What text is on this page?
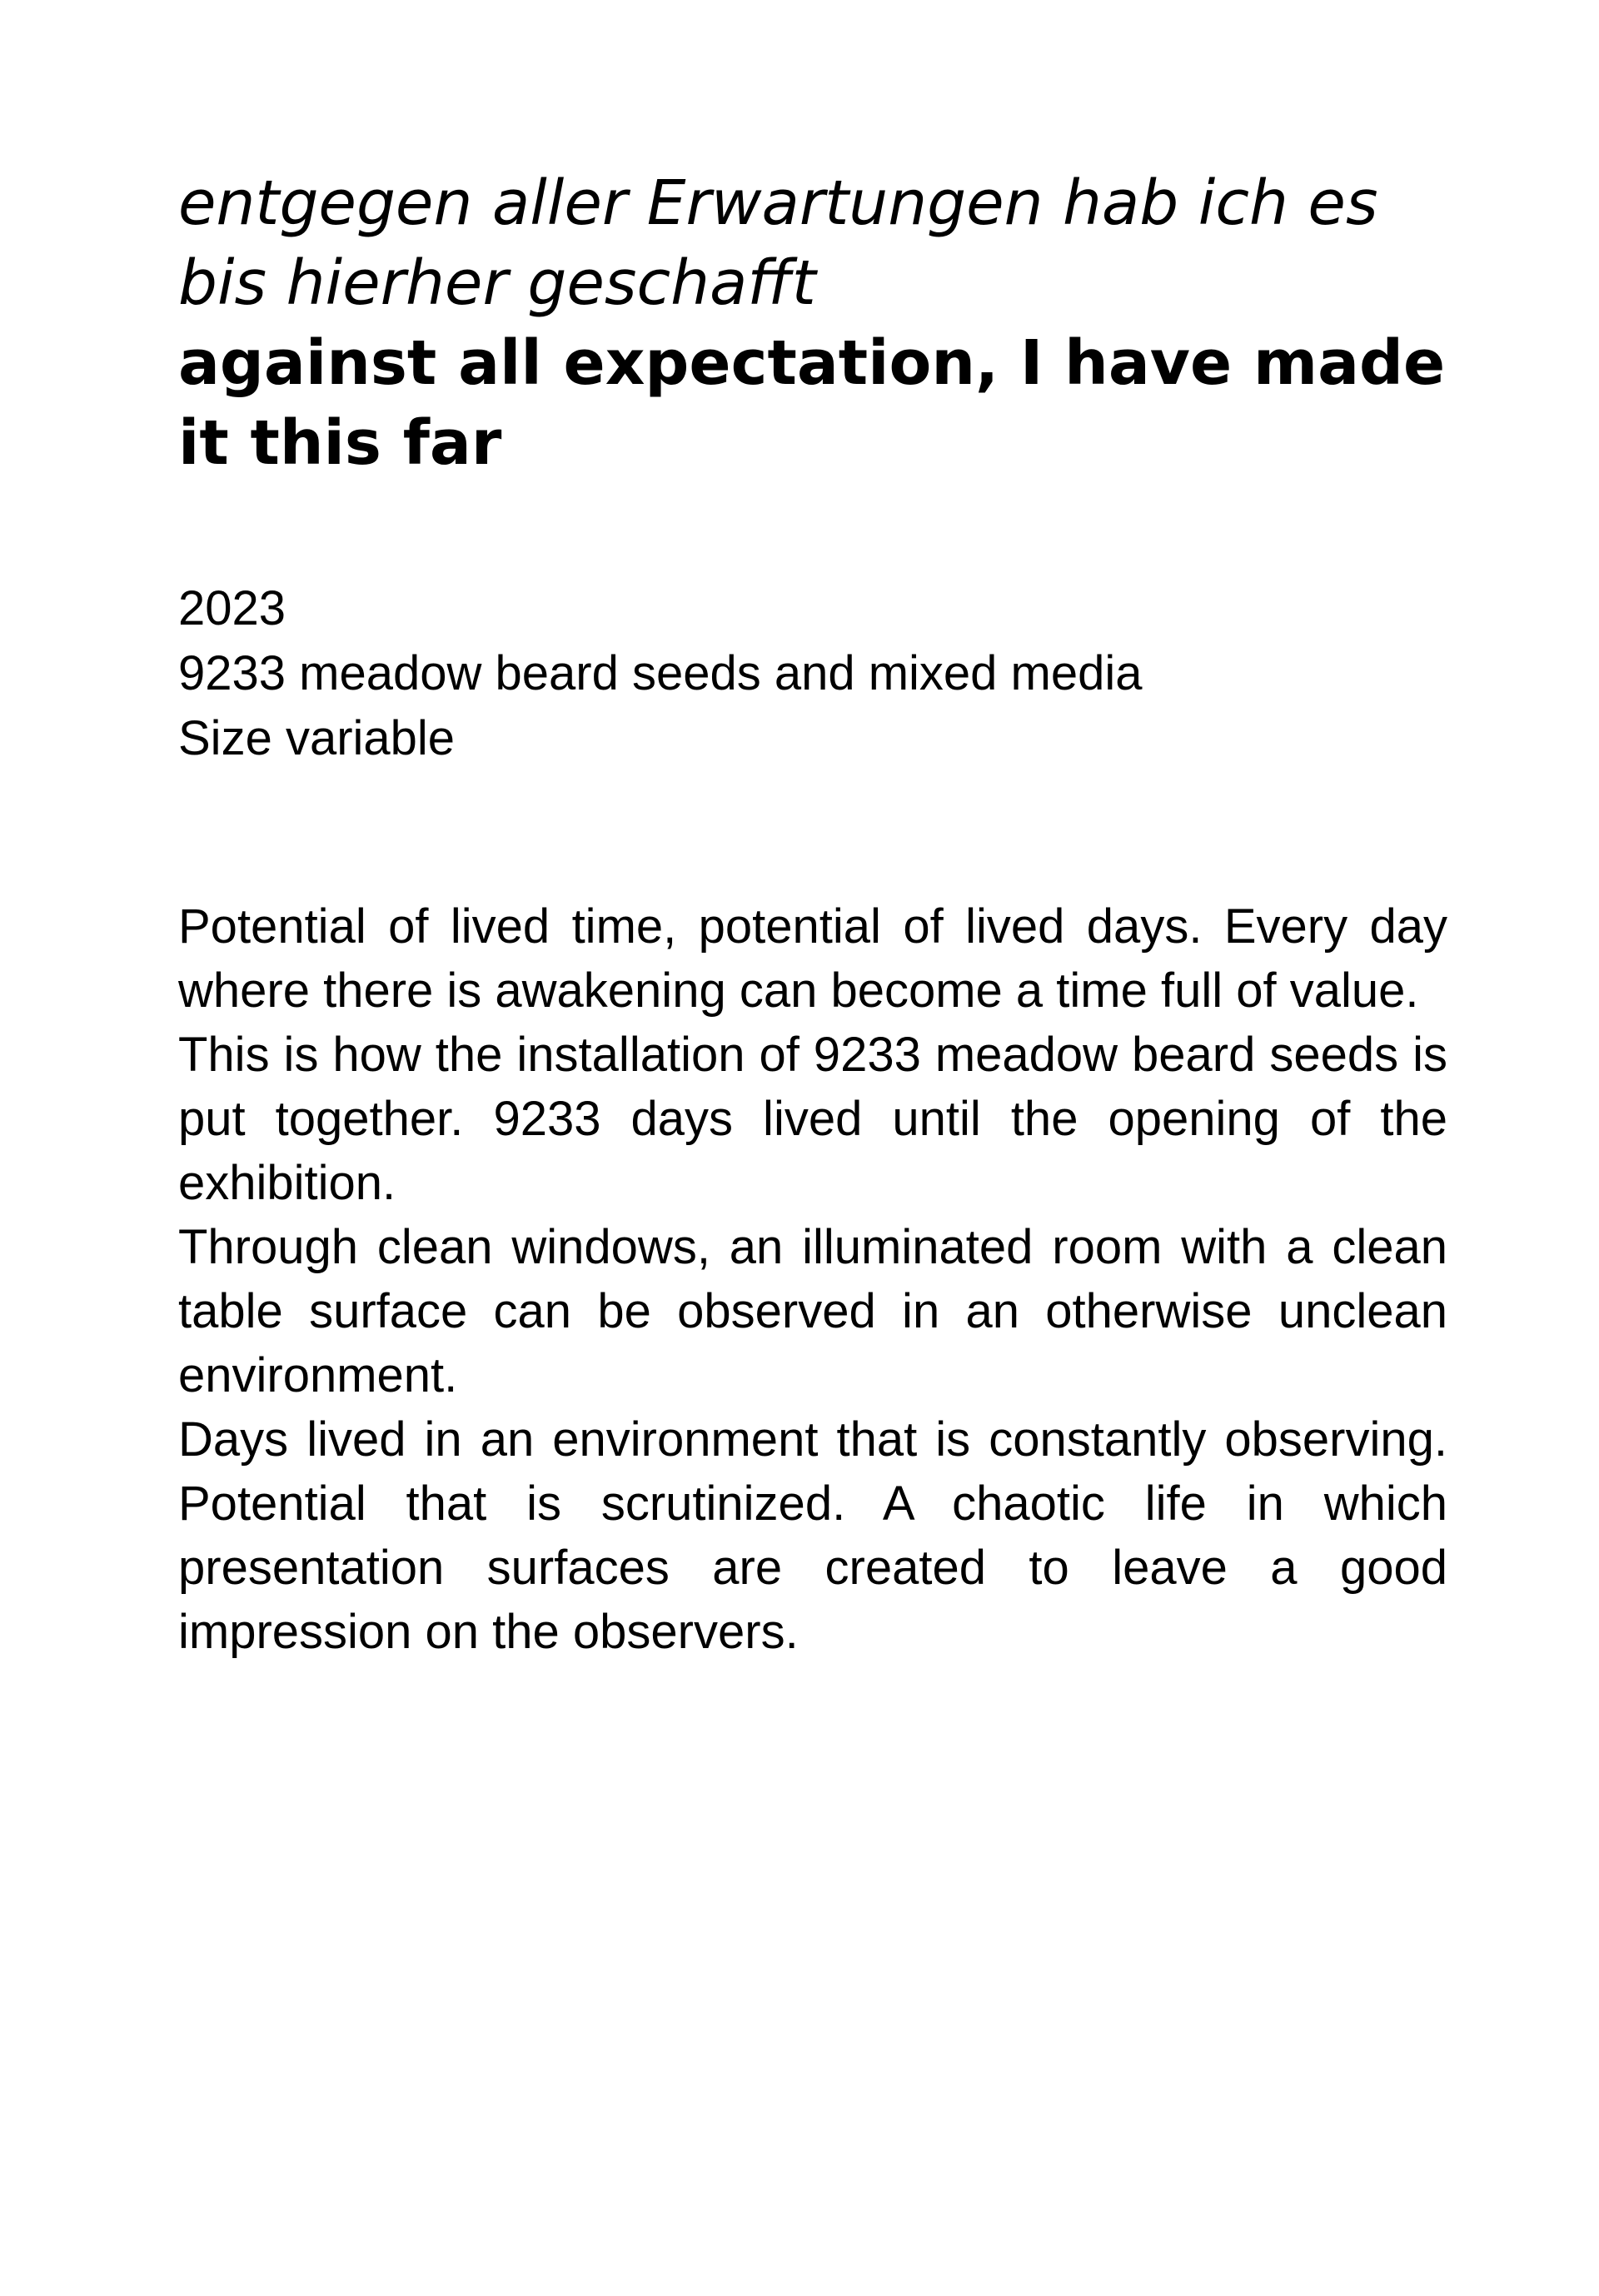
entgegen aller Erwartungen hab ich es bis hierher geschafft
against all expectation, I have made it this far
2023
9233 meadow beard seeds and mixed media
Size variable

Potential of lived time, potential of lived days. Every day where there is awakening can become a time full of value.

This is how the installation of 9233 meadow beard seeds is put together. 9233 days lived until the opening of the exhibition.

Through clean windows, an illuminated room with a clean table surface can be observed in an otherwise unclean environment.

Days lived in an environment that is constantly observing. Potential that is scrutinized. A chaotic life in which presentation surfaces are created to leave a good impression on the observers.
